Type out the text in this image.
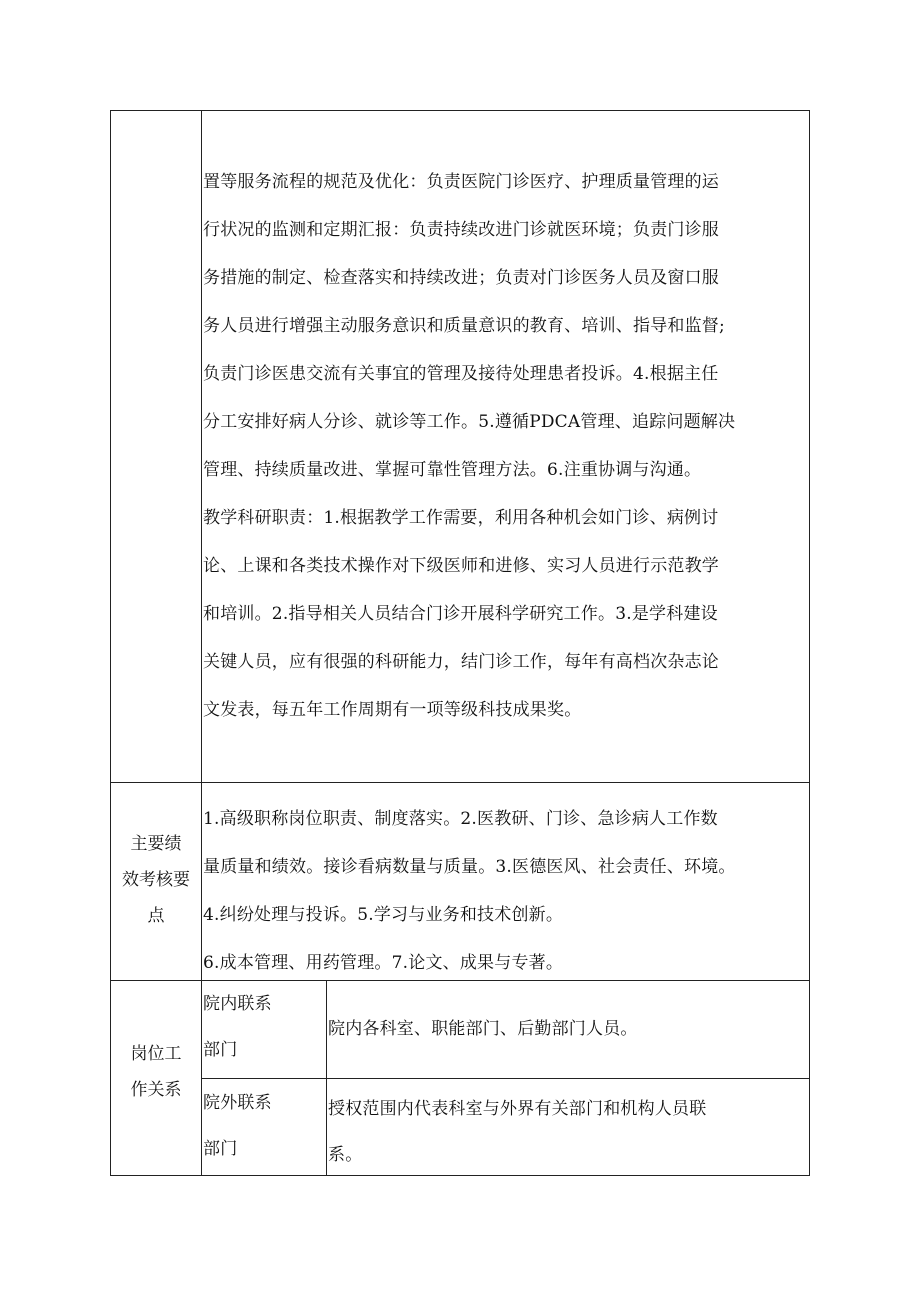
置等服务流程的规范及优化：负责医院门诊医疗、护理质量管理的运
行状况的监测和定期汇报：负责持续改进门诊就医环境；负责门诊服
务措施的制定、检查落实和持续改进；负责对门诊医务人员及窗口服
务人员进行增强主动服务意识和质量意识的教育、培训、指导和监督;
负责门诊医患交流有关事宜的管理及接待处理患者投诉。4.根据主任
分工安排好病人分诊、就诊等工作。5.遵循PDCA管理、追踪问题解决
管理、持续质量改进、掌握可靠性管理方法。6.注重协调与沟通。
教学科研职责：1.根据教学工作需要，利用各种机会如门诊、病例讨
论、上课和各类技术操作对下级医师和进修、实习人员进行示范教学
和培训。2.指导相关人员结合门诊开展科学研究工作。3.是学科建设
关键人员，应有很强的科研能力，结门诊工作，每年有高档次杂志论
文发表，每五年工作周期有一项等级科技成果奖。
主要绩
效考核要
点
1.高级职称岗位职责、制度落实。2.医教研、门诊、急诊病人工作数
量质量和绩效。接诊看病数量与质量。3.医德医风、社会责任、环境。
4.纠纷处理与投诉。5.学习与业务和技术创新。
6.成本管理、用药管理。7.论文、成果与专著。
岗位工
作关系
院内联系
部门
院内各科室、职能部门、后勤部门人员。
院外联系
部门
授权范围内代表科室与外界有关部门和机构人员联
系。
